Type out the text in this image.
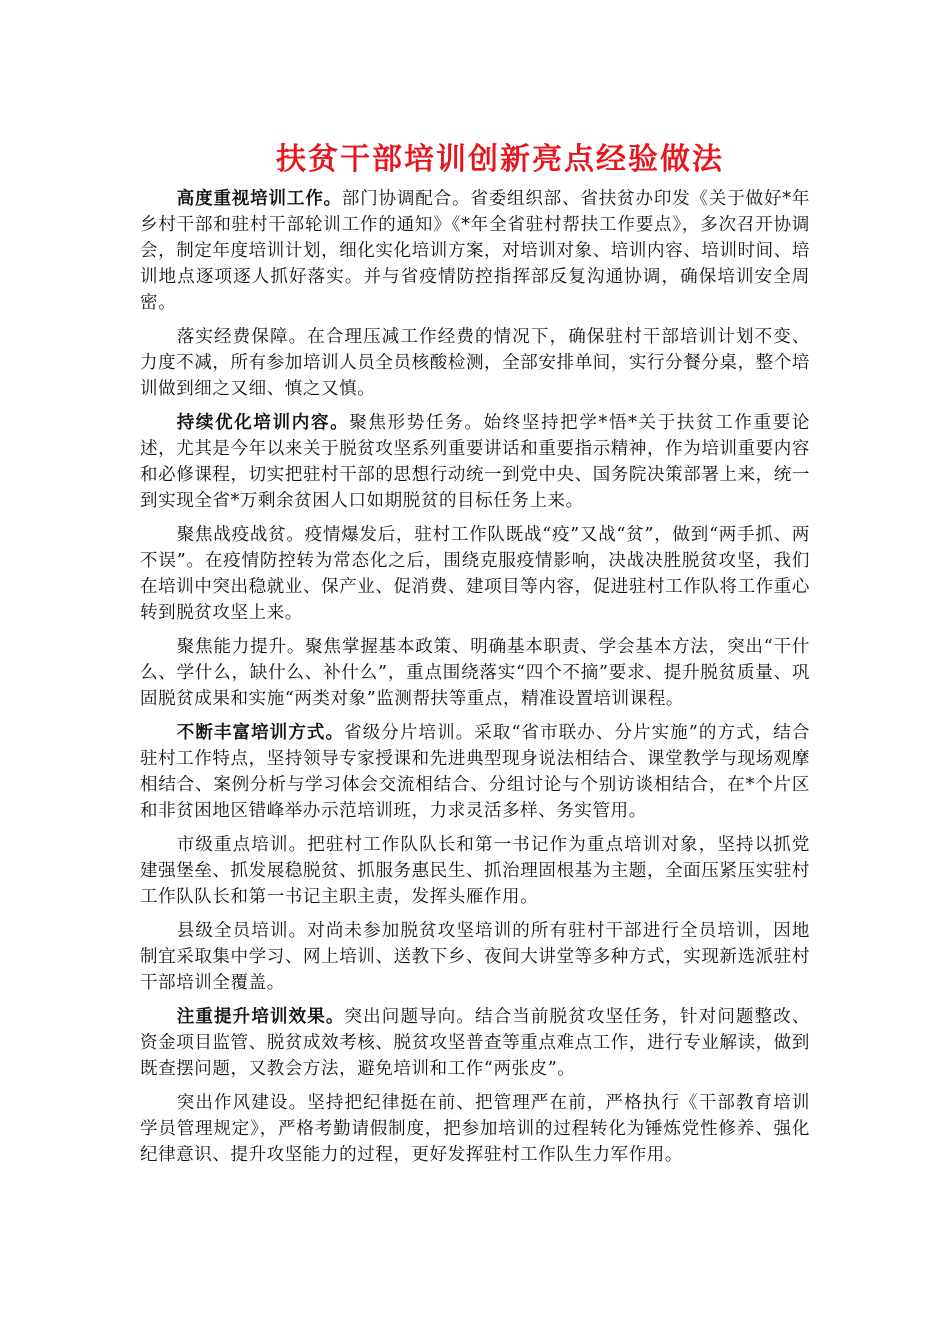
扶贫干部培训创新亮点经验做法

高度重视培训工作。部门协调配合。省委组织部、省扶贫办印发《关于做好*年乡村干部和驻村干部轮训工作的通知》《*年全省驻村帮扶工作要点》，多次召开协调会，制定年度培训计划，细化实化培训方案，对培训对象、培训内容、培训时间、培训地点逐项逐人抓好落实。并与省疫情防控指挥部反复沟通协调，确保培训安全周密。

落实经费保障。在合理压减工作经费的情况下，确保驻村干部培训计划不变、力度不减，所有参加培训人员全员核酸检测，全部安排单间，实行分餐分桌，整个培训做到细之又细、慎之又慎。

持续优化培训内容。聚焦形势任务。始终坚持把学*悟*关于扶贫工作重要论述，尤其是今年以来关于脱贫攻坚系列重要讲话和重要指示精神，作为培训重要内容和必修课程，切实把驻村干部的思想行动统一到党中央、国务院决策部署上来，统一到实现全省*万剩余贫困人口如期脱贫的目标任务上来。

聚焦战疫战贫。疫情爆发后，驻村工作队既战“疫”又战“贫”，做到“两手抓、两不误”。在疫情防控转为常态化之后，围绕克服疫情影响，决战决胜脱贫攻坚，我们在培训中突出稳就业、保产业、促消费、建项目等内容，促进驻村工作队将工作重心转到脱贫攻坚上来。

聚焦能力提升。聚焦掌握基本政策、明确基本职责、学会基本方法，突出“干什么、学什么，缺什么、补什么”，重点围绕落实“四个不摘”要求、提升脱贫质量、巩固脱贫成果和实施“两类对象”监测帮扶等重点，精准设置培训课程。

不断丰富培训方式。省级分片培训。采取“省市联办、分片实施”的方式，结合驻村工作特点，坚持领导专家授课和先进典型现身说法相结合、课堂教学与现场观摩相结合、案例分析与学习体会交流相结合、分组讨论与个别访谈相结合，在*个片区和非贫困地区错峰举办示范培训班，力求灵活多样、务实管用。

市级重点培训。把驻村工作队队长和第一书记作为重点培训对象，坚持以抓党建强堡垒、抓发展稳脱贫、抓服务惠民生、抓治理固根基为主题，全面压紧压实驻村工作队队长和第一书记主职主责，发挥头雁作用。

县级全员培训。对尚未参加脱贫攻坚培训的所有驻村干部进行全员培训，因地制宜采取集中学习、网上培训、送教下乡、夜间大讲堂等多种方式，实现新选派驻村干部培训全覆盖。

注重提升培训效果。突出问题导向。结合当前脱贫攻坚任务，针对问题整改、资金项目监管、脱贫成效考核、脱贫攻坚普查等重点难点工作，进行专业解读，做到既查摆问题，又教会方法，避免培训和工作“两张皮”。

突出作风建设。坚持把纪律挺在前、把管理严在前，严格执行《干部教育培训学员管理规定》，严格考勤请假制度，把参加培训的过程转化为锤炼党性修养、强化纪律意识、提升攻坚能力的过程，更好发挥驻村工作队生力军作用。
